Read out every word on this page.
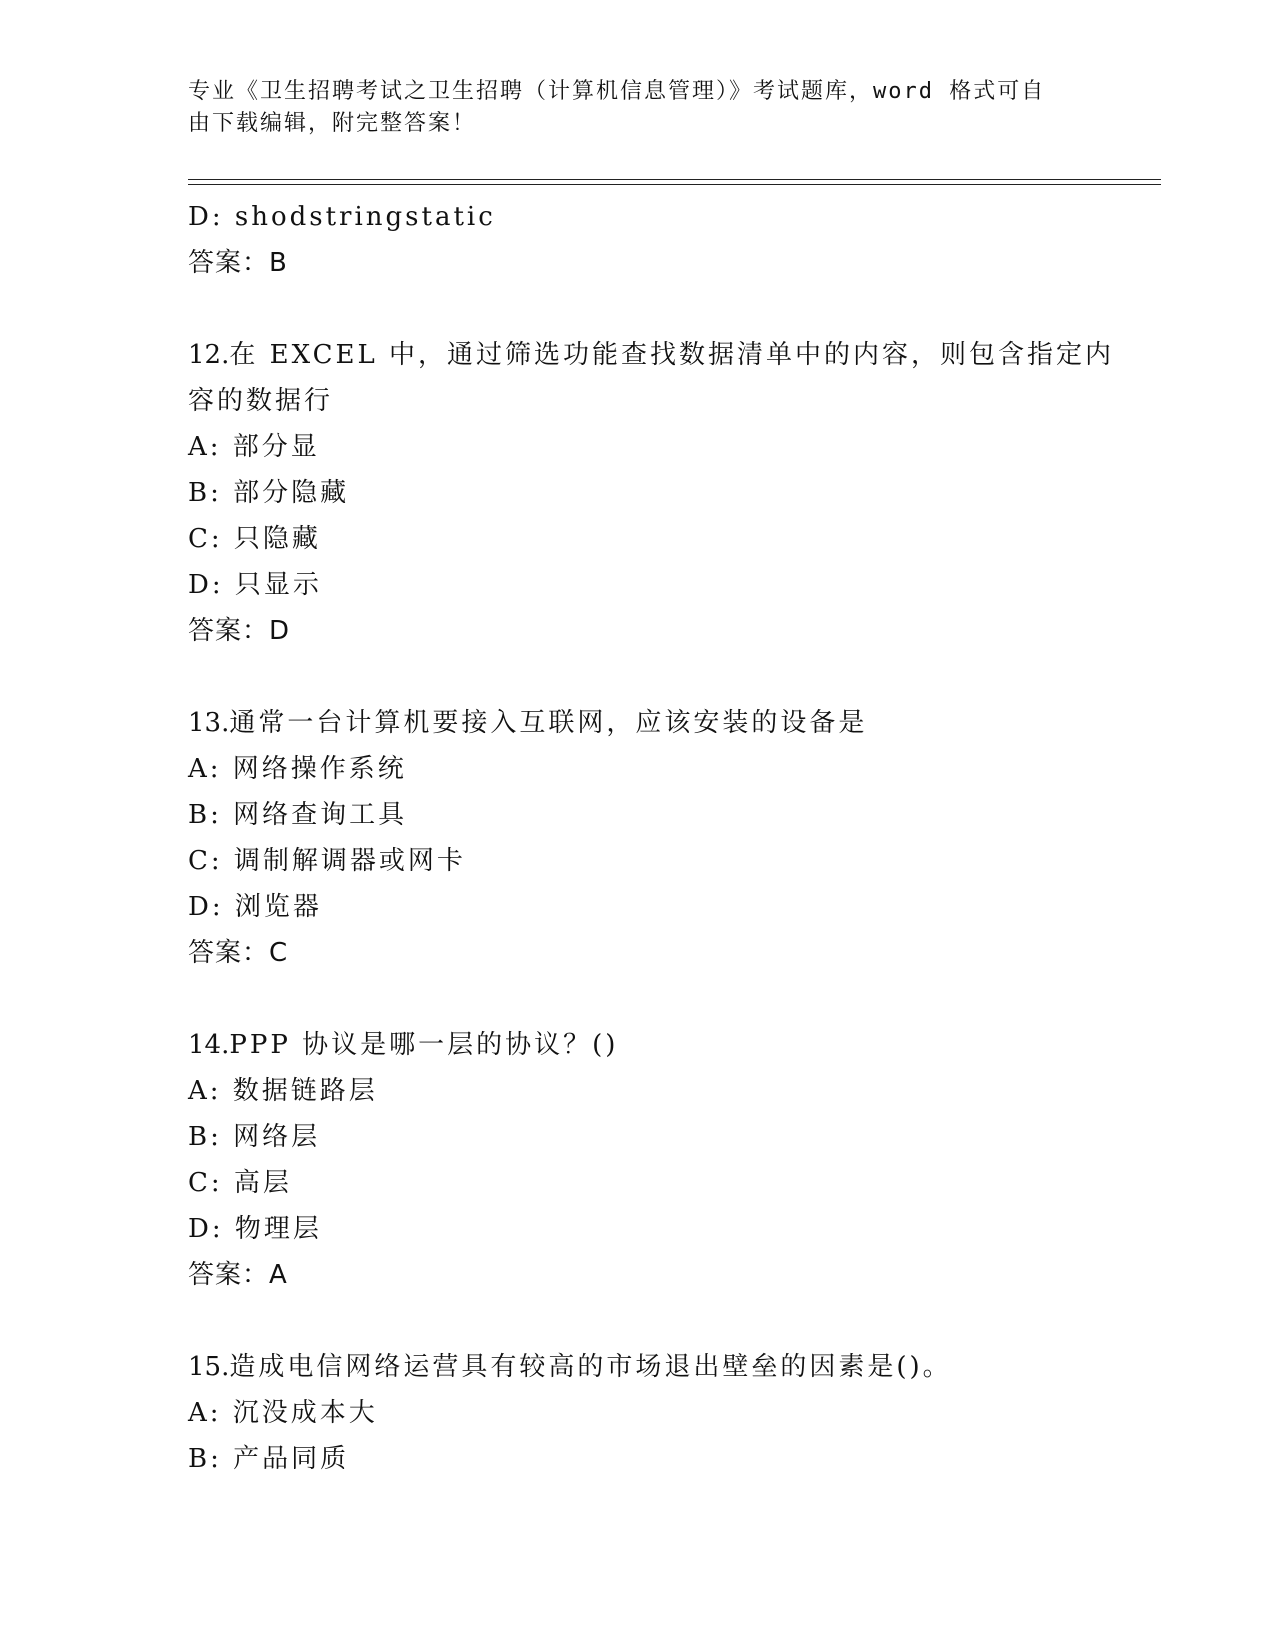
专业《卫生招聘考试之卫生招聘（计算机信息管理）》考试题库，word 格式可自
由下载编辑，附完整答案！
D: shodstringstatic
答案：B
12.在 EXCEL 中，通过筛选功能查找数据清单中的内容，则包含指定内
容的数据行
A: 部分显
B: 部分隐藏
C: 只隐藏
D: 只显示
答案：D
13.通常一台计算机要接入互联网，应该安装的设备是
A: 网络操作系统
B: 网络查询工具
C: 调制解调器或网卡
D: 浏览器
答案：C
14.PPP 协议是哪一层的协议？()
A: 数据链路层
B: 网络层
C: 高层
D: 物理层
答案：A
15.造成电信网络运营具有较高的市场退出壁垒的因素是()。
A: 沉没成本大
B: 产品同质
